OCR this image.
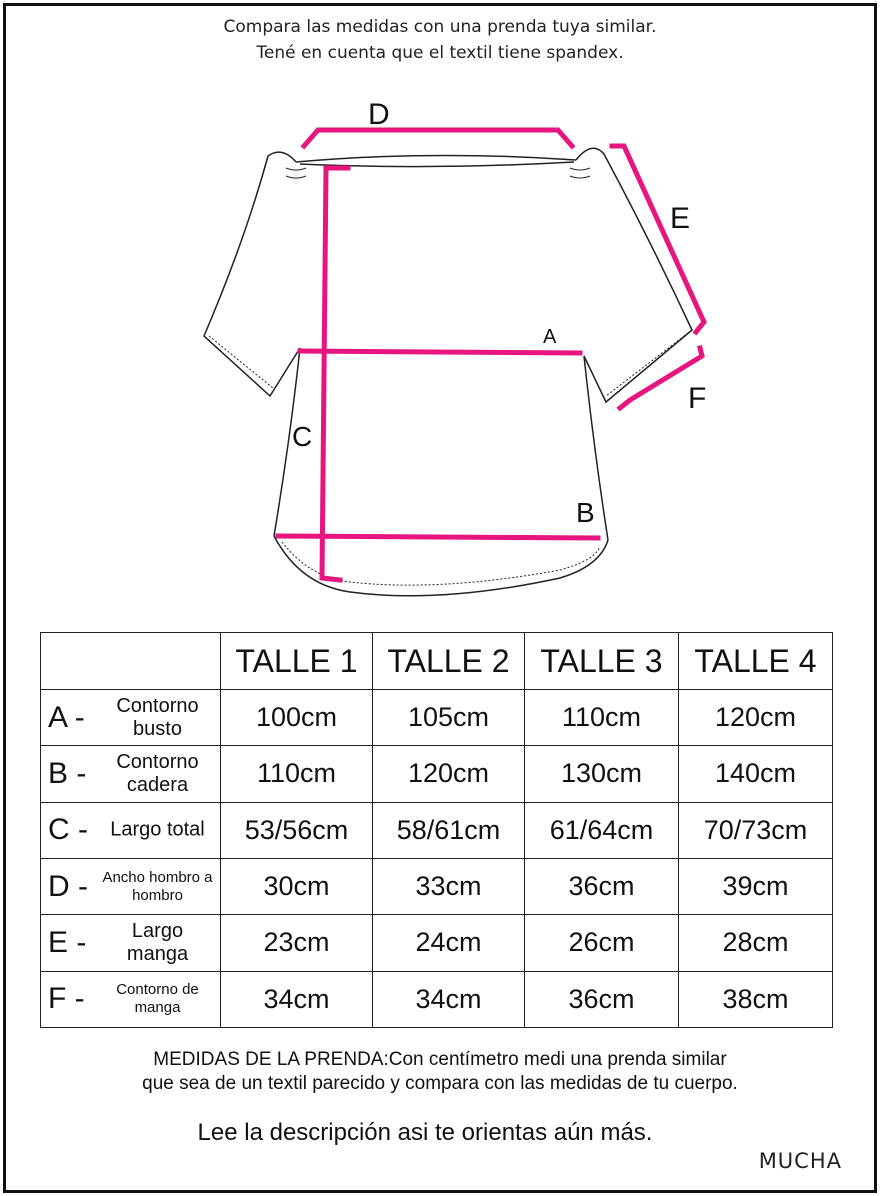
Compara las medidas con una prenda tuya similar.
Tené en cuenta que el textil tiene spandex.
D
E
F
A
B
C
	TALLE 1	TALLE 2	TALLE 3	TALLE 4

A - Contorno busto	100cm	105cm	110cm	120cm

B - Contorno cadera	110cm	120cm	130cm	140cm

C - Largo total	53/56cm	58/61cm	61/64cm	70/73cm

D - Ancho hombro a hombro	30cm	33cm	36cm	39cm

E - Largo manga	23cm	24cm	26cm	28cm

F - Contorno de manga	34cm	34cm	36cm	38cm
MEDIDAS DE LA PRENDA:Con centímetro medi una prenda similar
que sea de un textil parecido y compara con las medidas de tu cuerpo.
Lee la descripción asi te orientas aún más.
MUCHA
